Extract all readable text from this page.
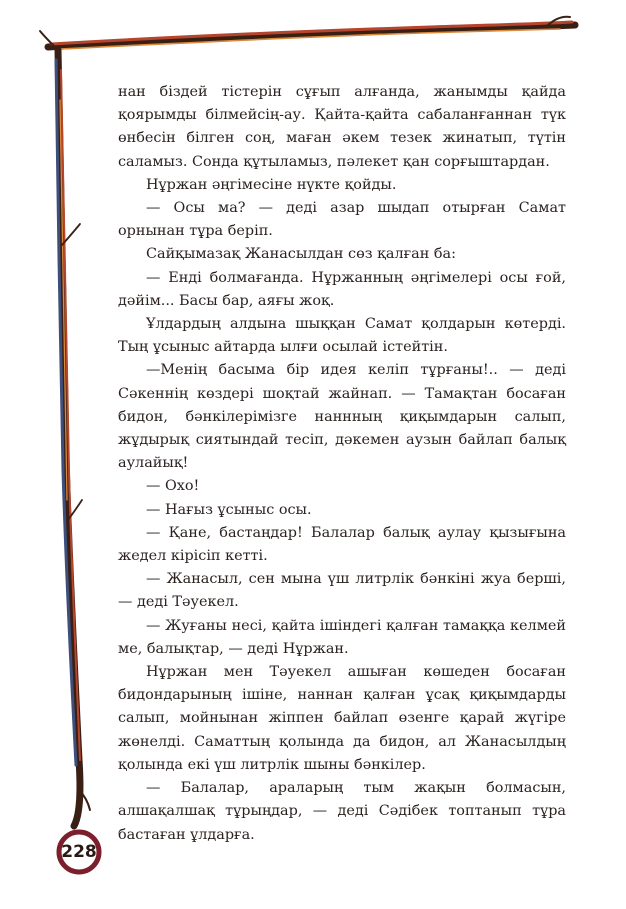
нан біздей тістерін сұғып алғанда, жанымды қайда қоярымды білмейсің-ау. Қайта-қайта сабаланғаннан түк өнбесін білген соң, маған әкем тезек жинатып, түтін саламыз. Сонда құтыламыз, пәлекет қан сорғыштардан.

Нұржан әңгімесіне нүкте қойды.

— Осы ма? — деді азар шыдап отырған Самат орнынан тұра беріп.

Сайқымазақ Жанасылдан сөз қалған ба:

— Енді болмағанда. Нұржанның әңгімелері осы ғой, дәйім... Басы бар, аяғы жоқ.

Ұлдардың алдына шыққан Самат қолдарын көтерді. Тың ұсыныс айтарда ылғи осылай істейтін.

—Менің басыма бір идея келіп тұрғаны!.. — деді Сәкеннің көздері шоқтай жайнап. — Тамақтан босаған бидон, бәнкілерімізге наннның қиқымдарын салып, жұдырық сиятындай тесіп, дәкемен аузын байлап балық аулайық!

— Охо!

— Нағыз ұсыныс осы.

— Қане, бастаңдар! Балалар балық аулау қызығына жедел кірісіп кетті.

— Жанасыл, сен мына үш литрлік бәнкіні жуа берші, — деді Тәуекел.

— Жуғаны несі, қайта ішіндегі қалған тамаққа келмей ме, балықтар, — деді Нұржан.

Нұржан мен Тәуекел ашыған көшеден босаған бидондарының ішіне, наннан қалған ұсақ қиқымдарды салып, мойнынан жіппен байлап өзенге қарай жүгіре жөнелді. Саматтың қолында да бидон, ал Жанасылдың қолында екі үш литрлік шыны бәнкілер.

— Балалар, араларың тым жақын болмасын, алшақалшақ тұрыңдар, — деді Сәдібек топтанып тұра бастаған ұлдарға.

228
